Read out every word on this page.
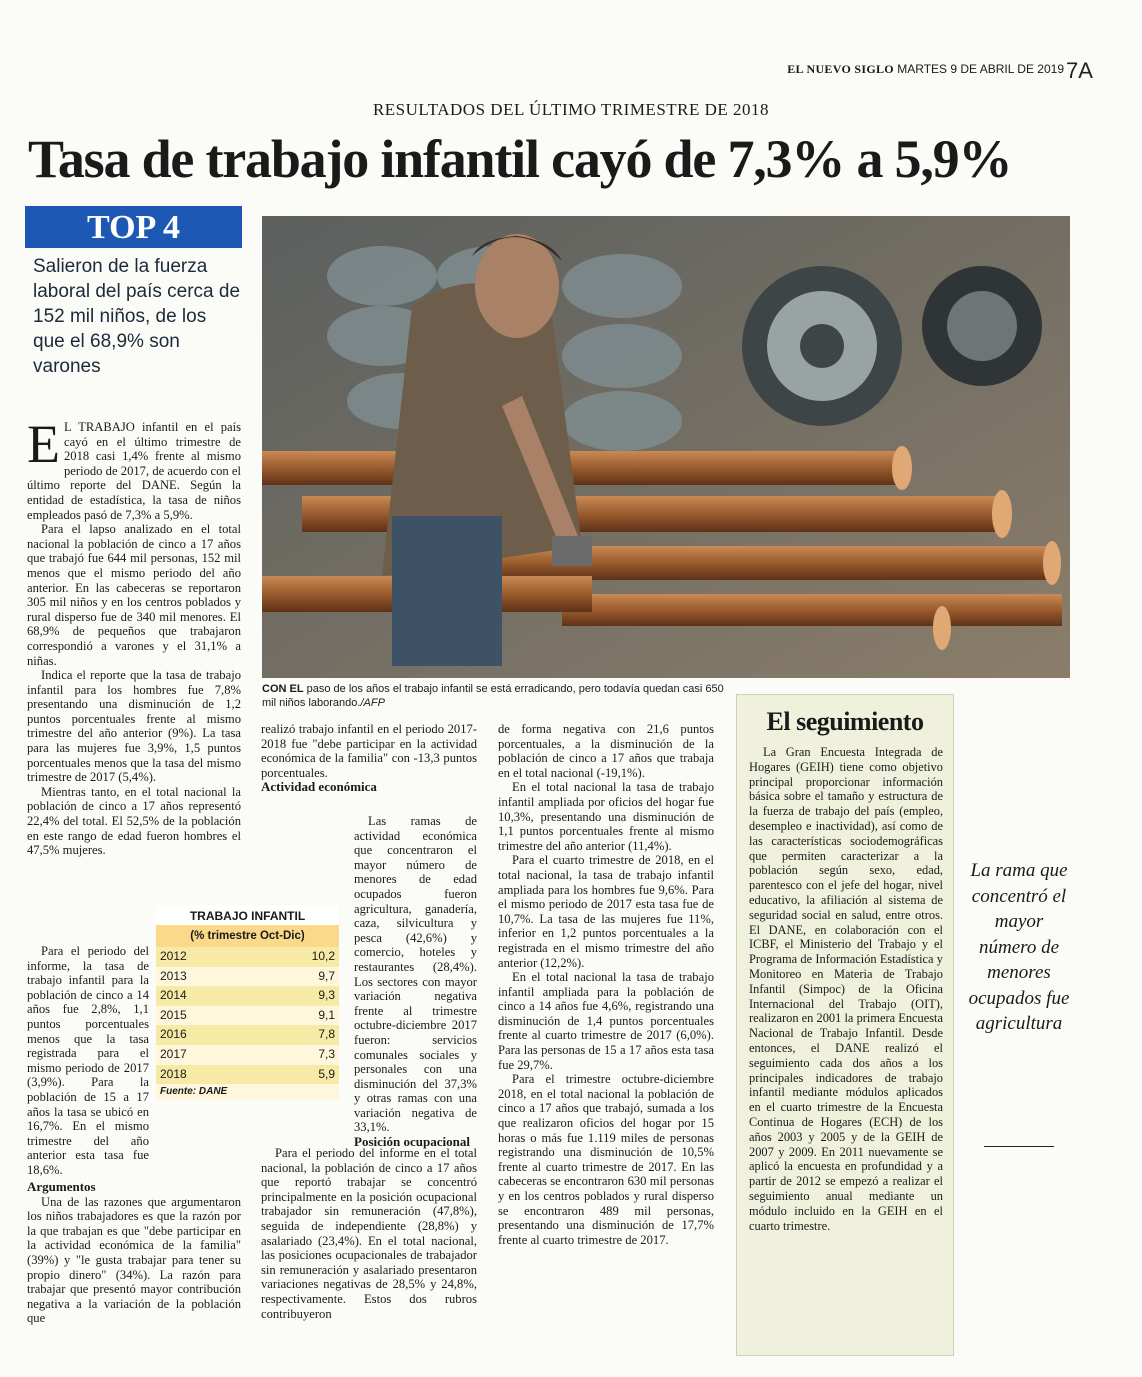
EL NUEVO SIGLO MARTES 9 DE ABRIL DE 2019 7A
RESULTADOS DEL ÚLTIMO TRIMESTRE DE 2018
Tasa de trabajo infantil cayó de 7,3% a 5,9%
TOP 4
Salieron de la fuerza laboral del país cerca de 152 mil niños, de los que el 68,9% son varones
CON EL paso de los años el trabajo infantil se está erradicando, pero todavía quedan casi 650 mil niños laborando./AFP

E L TRABAJO infantil en el país cayó en el último trimestre de 2018 casi 1,4% frente al mismo periodo de 2017, de acuerdo con el último reporte del DANE. Según la entidad de estadística, la tasa de niños empleados pasó de 7,3% a 5,9%.

Para el lapso analizado en el total nacional la población de cinco a 17 años que trabajó fue 644 mil personas, 152 mil menos que el mismo periodo del año anterior. En las cabeceras se reportaron 305 mil niños y en los centros poblados y rural disperso fue de 340 mil menores. El 68,9% de pequeños que trabajaron correspondió a varones y el 31,1% a niñas.

Indica el reporte que la tasa de trabajo infantil para los hombres fue 7,8% presentando una disminución de 1,2 puntos porcentuales frente al mismo trimestre del año anterior (9%). La tasa para las mujeres fue 3,9%, 1,5 puntos porcentuales menos que la tasa del mismo trimestre de 2017 (5,4%).

Mientras tanto, en el total nacional la población de cinco a 17 años representó 22,4% del total. El 52,5% de la población en este rango de edad fueron hombres el 47,5% mujeres.

TRABAJO INFANTIL
(% trimestre Oct-Dic)
2012	10,2
2013	9,7
2014	9,3
2015	9,1
2016	7,8
2017	7,3
2018	5,9
Fuente: DANE

Para el periodo del informe, la tasa de trabajo infantil para la población de cinco a 14 años fue 2,8%, 1,1 puntos porcentuales menos que la tasa registrada para el mismo periodo de 2017 (3,9%). Para la población de 15 a 17 años la tasa se ubicó en 16,7%. En el mismo trimestre del año anterior esta tasa fue 18,6%.

Argumentos

Una de las razones que argumentaron los niños trabajadores es que la razón por la que trabajan es que "debe participar en la actividad económica de la familia" (39%) y "le gusta trabajar para tener su propio dinero" (34%). La razón para trabajar que presentó mayor contribución negativa a la variación de la población que

realizó trabajo infantil en el periodo 2017-2018 fue "debe participar en la actividad económica de la familia" con -13,3 puntos porcentuales.

Actividad económica

Las ramas de actividad económica que concentraron el mayor número de menores de edad ocupados fueron agricultura, ganadería, caza, silvicultura y pesca (42,6%) y comercio, hoteles y restaurantes (28,4%). Los sectores con mayor variación negativa frente al trimestre octubre-diciembre 2017 fueron: servicios comunales sociales y personales con una disminución del 37,3% y otras ramas con una variación negativa de 33,1%.

Posición ocupacional

Para el periodo del informe en el total nacional, la población de cinco a 17 años que reportó trabajar se concentró principalmente en la posición ocupacional trabajador sin remuneración (47,8%), seguida de independiente (28,8%) y asalariado (23,4%). En el total nacional, las posiciones ocupacionales de trabajador sin remuneración y asalariado presentaron variaciones negativas de 28,5% y 24,8%, respectivamente. Estos dos rubros contribuyeron

de forma negativa con 21,6 puntos porcentuales, a la disminución de la población de cinco a 17 años que trabaja en el total nacional (-19,1%).

En el total nacional la tasa de trabajo infantil ampliada por oficios del hogar fue 10,3%, presentando una disminución de 1,1 puntos porcentuales frente al mismo trimestre del año anterior (11,4%).

Para el cuarto trimestre de 2018, en el total nacional, la tasa de trabajo infantil ampliada para los hombres fue 9,6%. Para el mismo periodo de 2017 esta tasa fue de 10,7%. La tasa de las mujeres fue 11%, inferior en 1,2 puntos porcentuales a la registrada en el mismo trimestre del año anterior (12,2%).

En el total nacional la tasa de trabajo infantil ampliada para la población de cinco a 14 años fue 4,6%, registrando una disminución de 1,4 puntos porcentuales frente al cuarto trimestre de 2017 (6,0%). Para las personas de 15 a 17 años esta tasa fue 29,7%.

Para el trimestre octubre-diciembre 2018, en el total nacional la población de cinco a 17 años que trabajó, sumada a los que realizaron oficios del hogar por 15 horas o más fue 1.119 miles de personas registrando una disminución de 10,5% frente al cuarto trimestre de 2017. En las cabeceras se encontraron 630 mil personas y en los centros poblados y rural disperso se encontraron 489 mil personas, presentando una disminución de 17,7% frente al cuarto trimestre de 2017.

El seguimiento

La Gran Encuesta Integrada de Hogares (GEIH) tiene como objetivo principal proporcionar información básica sobre el tamaño y estructura de la fuerza de trabajo del país (empleo, desempleo e inactividad), así como de las características sociodemográficas que permiten caracterizar a la población según sexo, edad, parentesco con el jefe del hogar, nivel educativo, la afiliación al sistema de seguridad social en salud, entre otros. El DANE, en colaboración con el ICBF, el Ministerio del Trabajo y el Programa de Información Estadística y Monitoreo en Materia de Trabajo Infantil (Simpoc) de la Oficina Internacional del Trabajo (OIT), realizaron en 2001 la primera Encuesta Nacional de Trabajo Infantil. Desde entonces, el DANE realizó el seguimiento cada dos años a los principales indicadores de trabajo infantil mediante módulos aplicados en el cuarto trimestre de la Encuesta Continua de Hogares (ECH) de los años 2003 y 2005 y de la GEIH de 2007 y 2009. En 2011 nuevamente se aplicó la encuesta en profundidad y a partir de 2012 se empezó a realizar el seguimiento anual mediante un módulo incluido en la GEIH en el cuarto trimestre.

La rama que concentró el mayor número de menores ocupados fue agricultura
